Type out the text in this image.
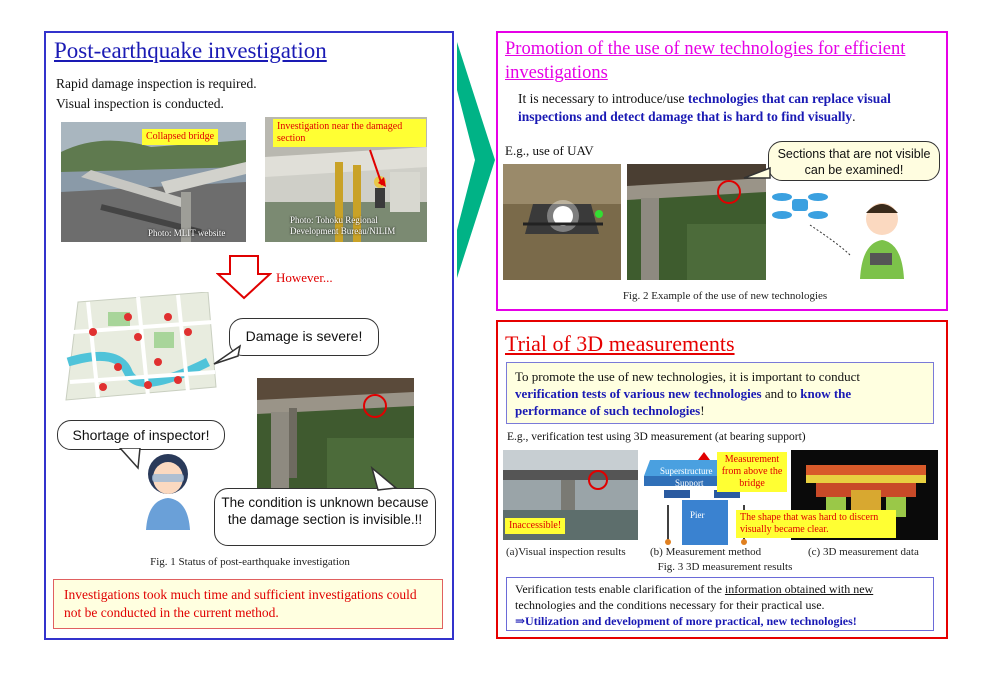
Post-earthquake investigation
Rapid damage inspection is required.
Visual inspection is conducted.
Collapsed bridge
Photo: MLIT website
Investigation near the damaged section
Photo: Tohoku Regional Development Bureau/NILIM
However...
Damage is severe!
Shortage of inspector!
The condition is unknown because the damage section is invisible.!!
Fig. 1 Status of post-earthquake investigation
Investigations took much time and sufficient investigations could not be conducted in the current method.
Promotion of the use of new technologies for efficient investigations
It is necessary to introduce/use technologies that can replace visual inspections and detect damage that is hard to find visually.
E.g., use of UAV	Sections that are not visible can be examined!
Fig. 2 Example of the use of new technologies
Trial of 3D measurements
To promote the use of new technologies, it is important to conduct verification tests of various new technologies and to know the performance of such technologies!
E.g., verification test using 3D measurement (at bearing support)
Inaccessible!
Superstructure
Support
Pier
Measurement from above the bridge
The shape that was hard to discern visually became clear.
(a)Visual inspection results (b) Measurement method	(c) 3D measurement data
Fig. 3 3D measurement results
Verification tests enable clarification of the information obtained with new
technologies and the conditions necessary for their practical use.
⇒Utilization and development of more practical, new technologies!
